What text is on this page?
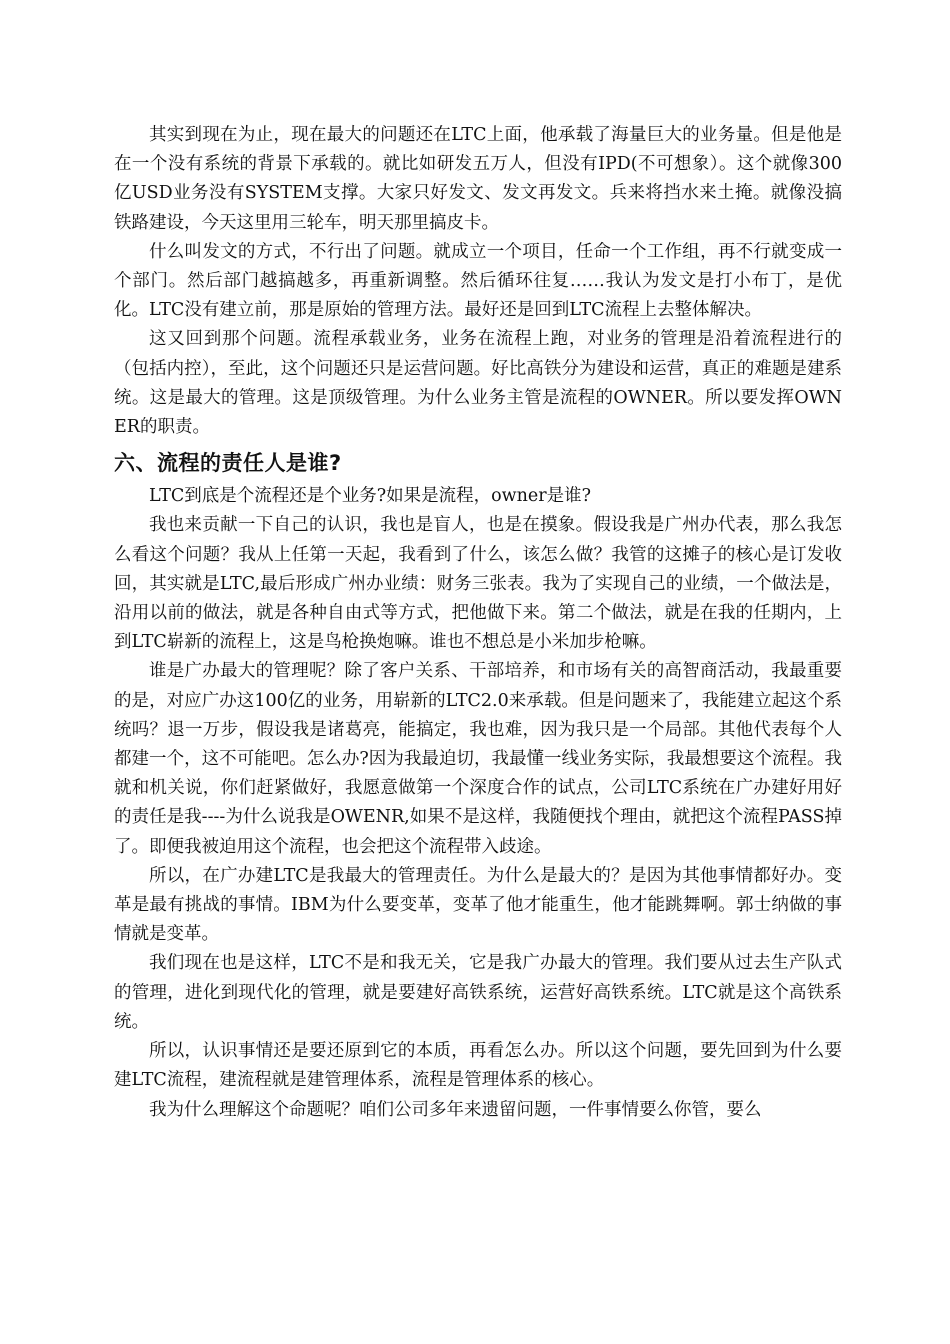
其实到现在为止，现在最大的问题还在LTC上面，他承载了海量巨大的业务量。但是他是在一个没有系统的背景下承载的。就比如研发五万人，但没有IPD(不可想象）。这个就像300亿USD业务没有SYSTEM支撑。大家只好发文、发文再发文。兵来将挡水来土掩。就像没搞铁路建设，今天这里用三轮车，明天那里搞皮卡。

什么叫发文的方式，不行出了问题。就成立一个项目，任命一个工作组，再不行就变成一个部门。然后部门越搞越多，再重新调整。然后循环往复……我认为发文是打小布丁，是优化。LTC没有建立前，那是原始的管理方法。最好还是回到LTC流程上去整体解决。

这又回到那个问题。流程承载业务，业务在流程上跑，对业务的管理是沿着流程进行的（包括内控），至此，这个问题还只是运营问题。好比高铁分为建设和运营，真正的难题是建系统。这是最大的管理。这是顶级管理。为什么业务主管是流程的OWNER。所以要发挥OWNER的职责。

六、流程的责任人是谁?

LTC到底是个流程还是个业务?如果是流程，owner是谁?

我也来贡献一下自己的认识，我也是盲人，也是在摸象。假设我是广州办代表，那么我怎么看这个问题？我从上任第一天起，我看到了什么，该怎么做？我管的这摊子的核心是订发收回，其实就是LTC,最后形成广州办业绩：财务三张表。我为了实现自己的业绩，一个做法是，沿用以前的做法，就是各种自由式等方式，把他做下来。第二个做法，就是在我的任期内，上到LTC崭新的流程上，这是鸟枪换炮嘛。谁也不想总是小米加步枪嘛。

谁是广办最大的管理呢？除了客户关系、干部培养，和市场有关的高智商活动，我最重要的是，对应广办这100亿的业务，用崭新的LTC2.0来承载。但是问题来了，我能建立起这个系统吗？退一万步，假设我是诸葛亮，能搞定，我也难，因为我只是一个局部。其他代表每个人都建一个，这不可能吧。怎么办?因为我最迫切，我最懂一线业务实际，我最想要这个流程。我就和机关说，你们赶紧做好，我愿意做第一个深度合作的试点，公司LTC系统在广办建好用好的责任是我----为什么说我是OWENR,如果不是这样，我随便找个理由，就把这个流程PASS掉了。即便我被迫用这个流程，也会把这个流程带入歧途。

所以，在广办建LTC是我最大的管理责任。为什么是最大的？是因为其他事情都好办。变革是最有挑战的事情。IBM为什么要变革，变革了他才能重生，他才能跳舞啊。郭士纳做的事情就是变革。

我们现在也是这样，LTC不是和我无关，它是我广办最大的管理。我们要从过去生产队式的管理，进化到现代化的管理，就是要建好高铁系统，运营好高铁系统。LTC就是这个高铁系统。

所以，认识事情还是要还原到它的本质，再看怎么办。所以这个问题，要先回到为什么要建LTC流程，建流程就是建管理体系，流程是管理体系的核心。

我为什么理解这个命题呢？咱们公司多年来遗留问题，一件事情要么你管，要么
